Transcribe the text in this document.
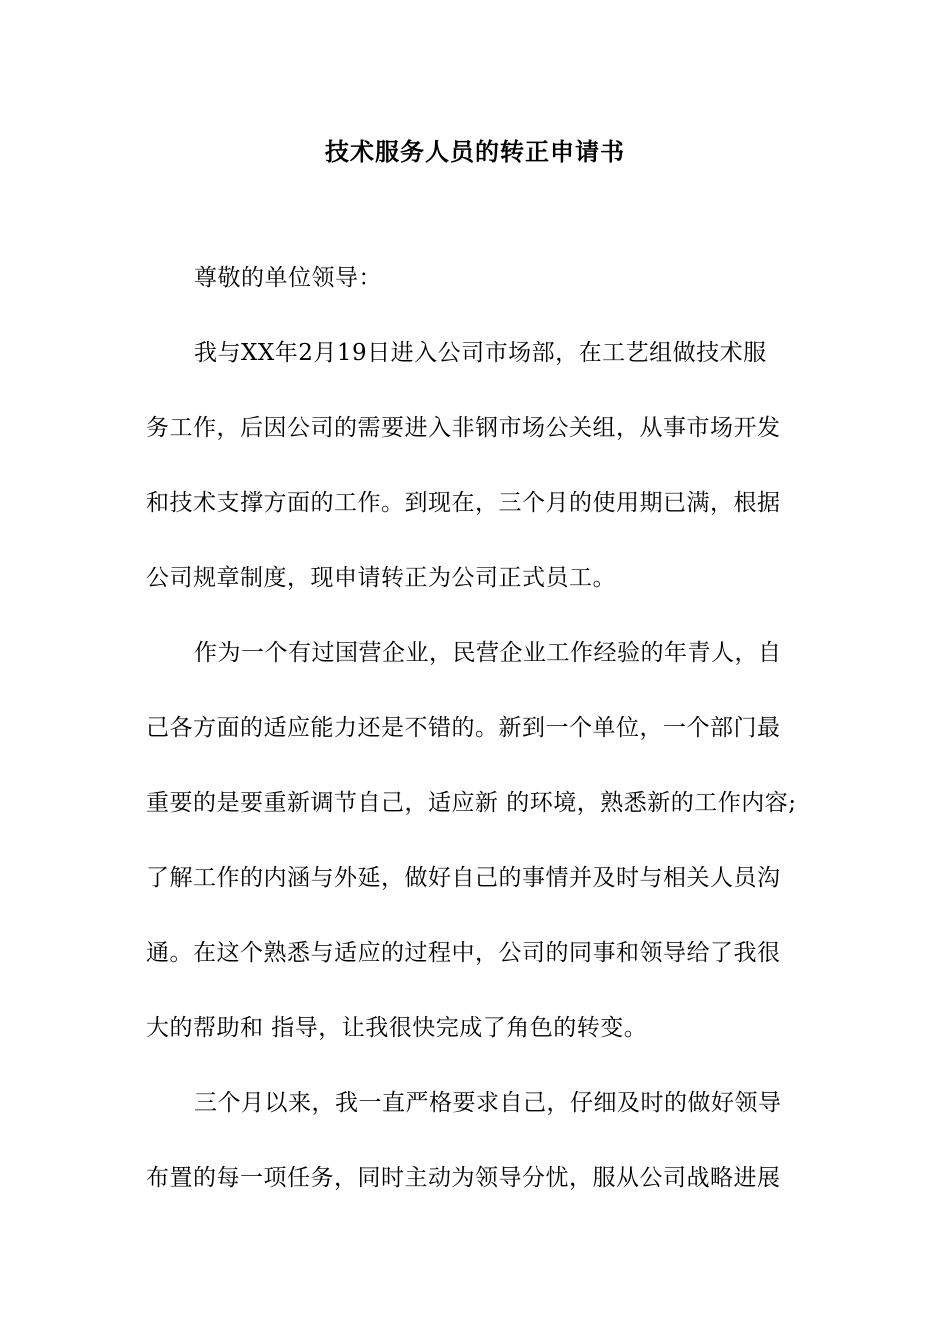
技术服务人员的转正申请书
尊敬的单位领导：
我与XX年2月19日进入公司市场部，在工艺组做技术服
务工作，后因公司的需要进入非钢市场公关组，从事市场开发
和技术支撑方面的工作。到现在，三个月的使用期已满，根据
公司规章制度，现申请转正为公司正式员工。
作为一个有过国营企业，民营企业工作经验的年青人，自
己各方面的适应能力还是不错的。新到一个单位，一个部门最
重要的是要重新调节自己，适应新 的环境，熟悉新的工作内容;
了解工作的内涵与外延，做好自己的事情并及时与相关人员沟
通。在这个熟悉与适应的过程中，公司的同事和领导给了我很
大的帮助和 指导，让我很快完成了角色的转变。
三个月以来，我一直严格要求自己，仔细及时的做好领导
布置的每一项任务，同时主动为领导分忧，服从公司战略进展
